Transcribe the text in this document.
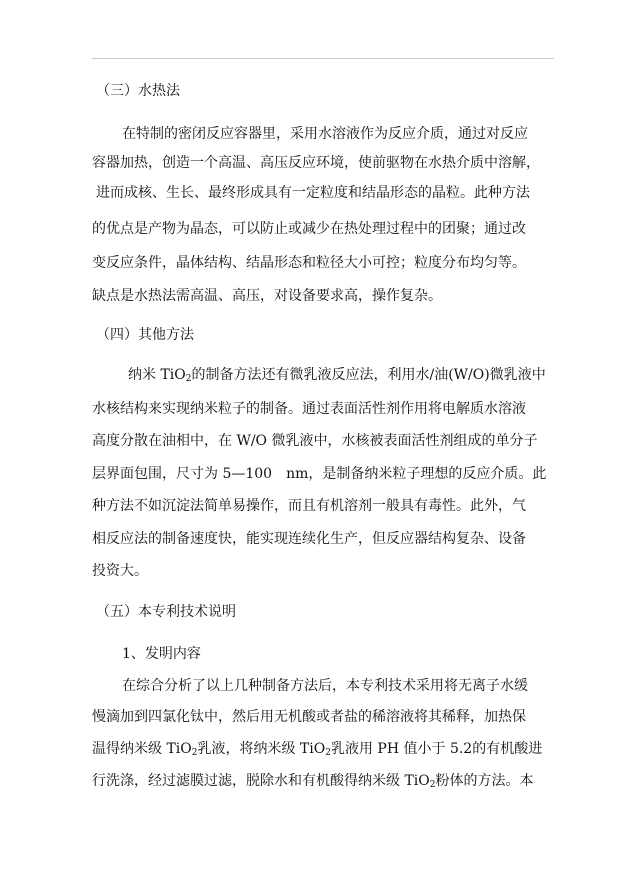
（三）水热法
在特制的密闭反应容器里，采用水溶液作为反应介质，通过对反应
容器加热，创造一个高温、高压反应环境，使前驱物在水热介质中溶解，
进而成核、生长、最终形成具有一定粒度和结晶形态的晶粒。此种方法
的优点是产物为晶态，可以防止或减少在热处理过程中的团聚；通过改
变反应条件，晶体结构、结晶形态和粒径大小可控；粒度分布均匀等。
缺点是水热法需高温、高压，对设备要求高，操作复杂。
（四）其他方法
纳米 TiO$_2$的制备方法还有微乳液反应法，利用水/油(W/O)微乳液中
水核结构来实现纳米粒子的制备。通过表面活性剂作用将电解质水溶液
高度分散在油相中，在 W/O 微乳液中，水核被表面活性剂组成的单分子
层界面包围，尺寸为 5—100　nm，是制备纳米粒子理想的反应介质。此
种方法不如沉淀法简单易操作，而且有机溶剂一般具有毒性。此外，气
相反应法的制备速度快，能实现连续化生产，但反应器结构复杂、设备
投资大。
（五）本专利技术说明
1、发明内容
在综合分析了以上几种制备方法后，本专利技术采用将无离子水缓
慢滴加到四氯化钛中，然后用无机酸或者盐的稀溶液将其稀释，加热保
温得纳米级 TiO$_2$乳液，将纳米级 TiO$_2$乳液用 PH 值小于 5.2的有机酸进
行洗涤，经过滤膜过滤，脱除水和有机酸得纳米级 TiO$_2$粉体的方法。本
